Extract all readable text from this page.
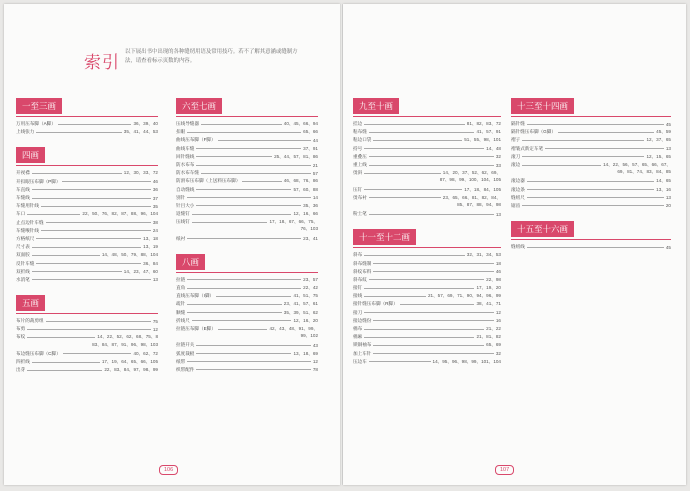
索引
以下展出书中出现的各种缝纫用语及常用技巧。若不了解其意涵或缝制方法，请查看标示页数的内容。
一至三画
万用压布脚（A脚）	36、39、40
上线张力	35、41、44、53
四画
开衩襟	12、30、33、72
开扣眼压布脚（P脚）	46
车直线	36
车缝线	37
车缝用针线	35
车口	22、50、76、82、87、88、96、104
止点边针车缝	38
车缝喉针线	24
方格纸尺	13、18
尺寸表	13、19
双面胶	14、48、50、79、88、104
反针车缝	36、84
双折线	14、23、47、60
水消笔	13
五画
布片的裁剪组	75
布剪	12
布纹	14、22、52、62、68、75、8
83、84、87、91、96、98、103
布边缝压布脚（C脚）	40、62、72
四折线	17、19、64、65、66、105
出芽	22、83、84、97、98、99
六至七画
压线导缝器	40、45、66、94
扣眼	65、66
曲线压布脚（F脚）	44
曲线车缝	37、91
回针缝线	25、44、57、81、86
防水布布	21
防水布车缝	57
防滑布压布脚（上送料压布脚）	46、68、76、86
自动缝线	57、60、88
别针	14
针目大小	35、36
返缝钉	12、16、66
压线钉	17、18、67、66、75、
76、103
纸衬	23、41
八画
拉链	23、57
直角	22、42
直线压布脚（I脚）	41、51、75
疏针	23、41、57、61
顺缝	35、39、51、62
折线尺	12、16、20
拉链压布脚（E脚）	42、43、48、91、99、
99、102
拉链开关	43
弧度裁板	13、18、69
纸带	12
织带配件	78
106
九至十画
挂边	81、82、83、72
粘布缝	41、57、91
粘边口袋	51、55、98、101
持号	14、48
重叠压	32
重上线	33
烫斜	14、20、37、52、62、69、
87、98、99、100、104、105
压钉	17、18、84、105
烫布衬	23、65、66、81、82、84、
85、87、88、94、98
粉土笔	13
十一至十二画
斜布	32、31、34、53
斜布缝制	18
斜纹布料	46
斜布纹	22、98
接钉	17、19、20
接线	21、57、69、71、90、94、96、99
接针缝压布脚（R脚）	38、41、71
接刀	12
接边缝份	16
棉布	21、22
棉麻	21、81、82
锁铜袖布	65、69
加上车针	32
压边车	14、95、96、98、99、101、104
十三至十四画
隔针缝	45
隔针缝压布脚（G脚）	45、59
褶子	12、37、65
褶皱式新定车笔	13
滚刀	12、15、65
滚边	14、22、56、57、65、66、67、
69、81、74、83、84、85
滚边器	14、65
滚边条	13、16
缝纫尺	13
锯齿	20
十五至十六画
缝纫线	45
107
